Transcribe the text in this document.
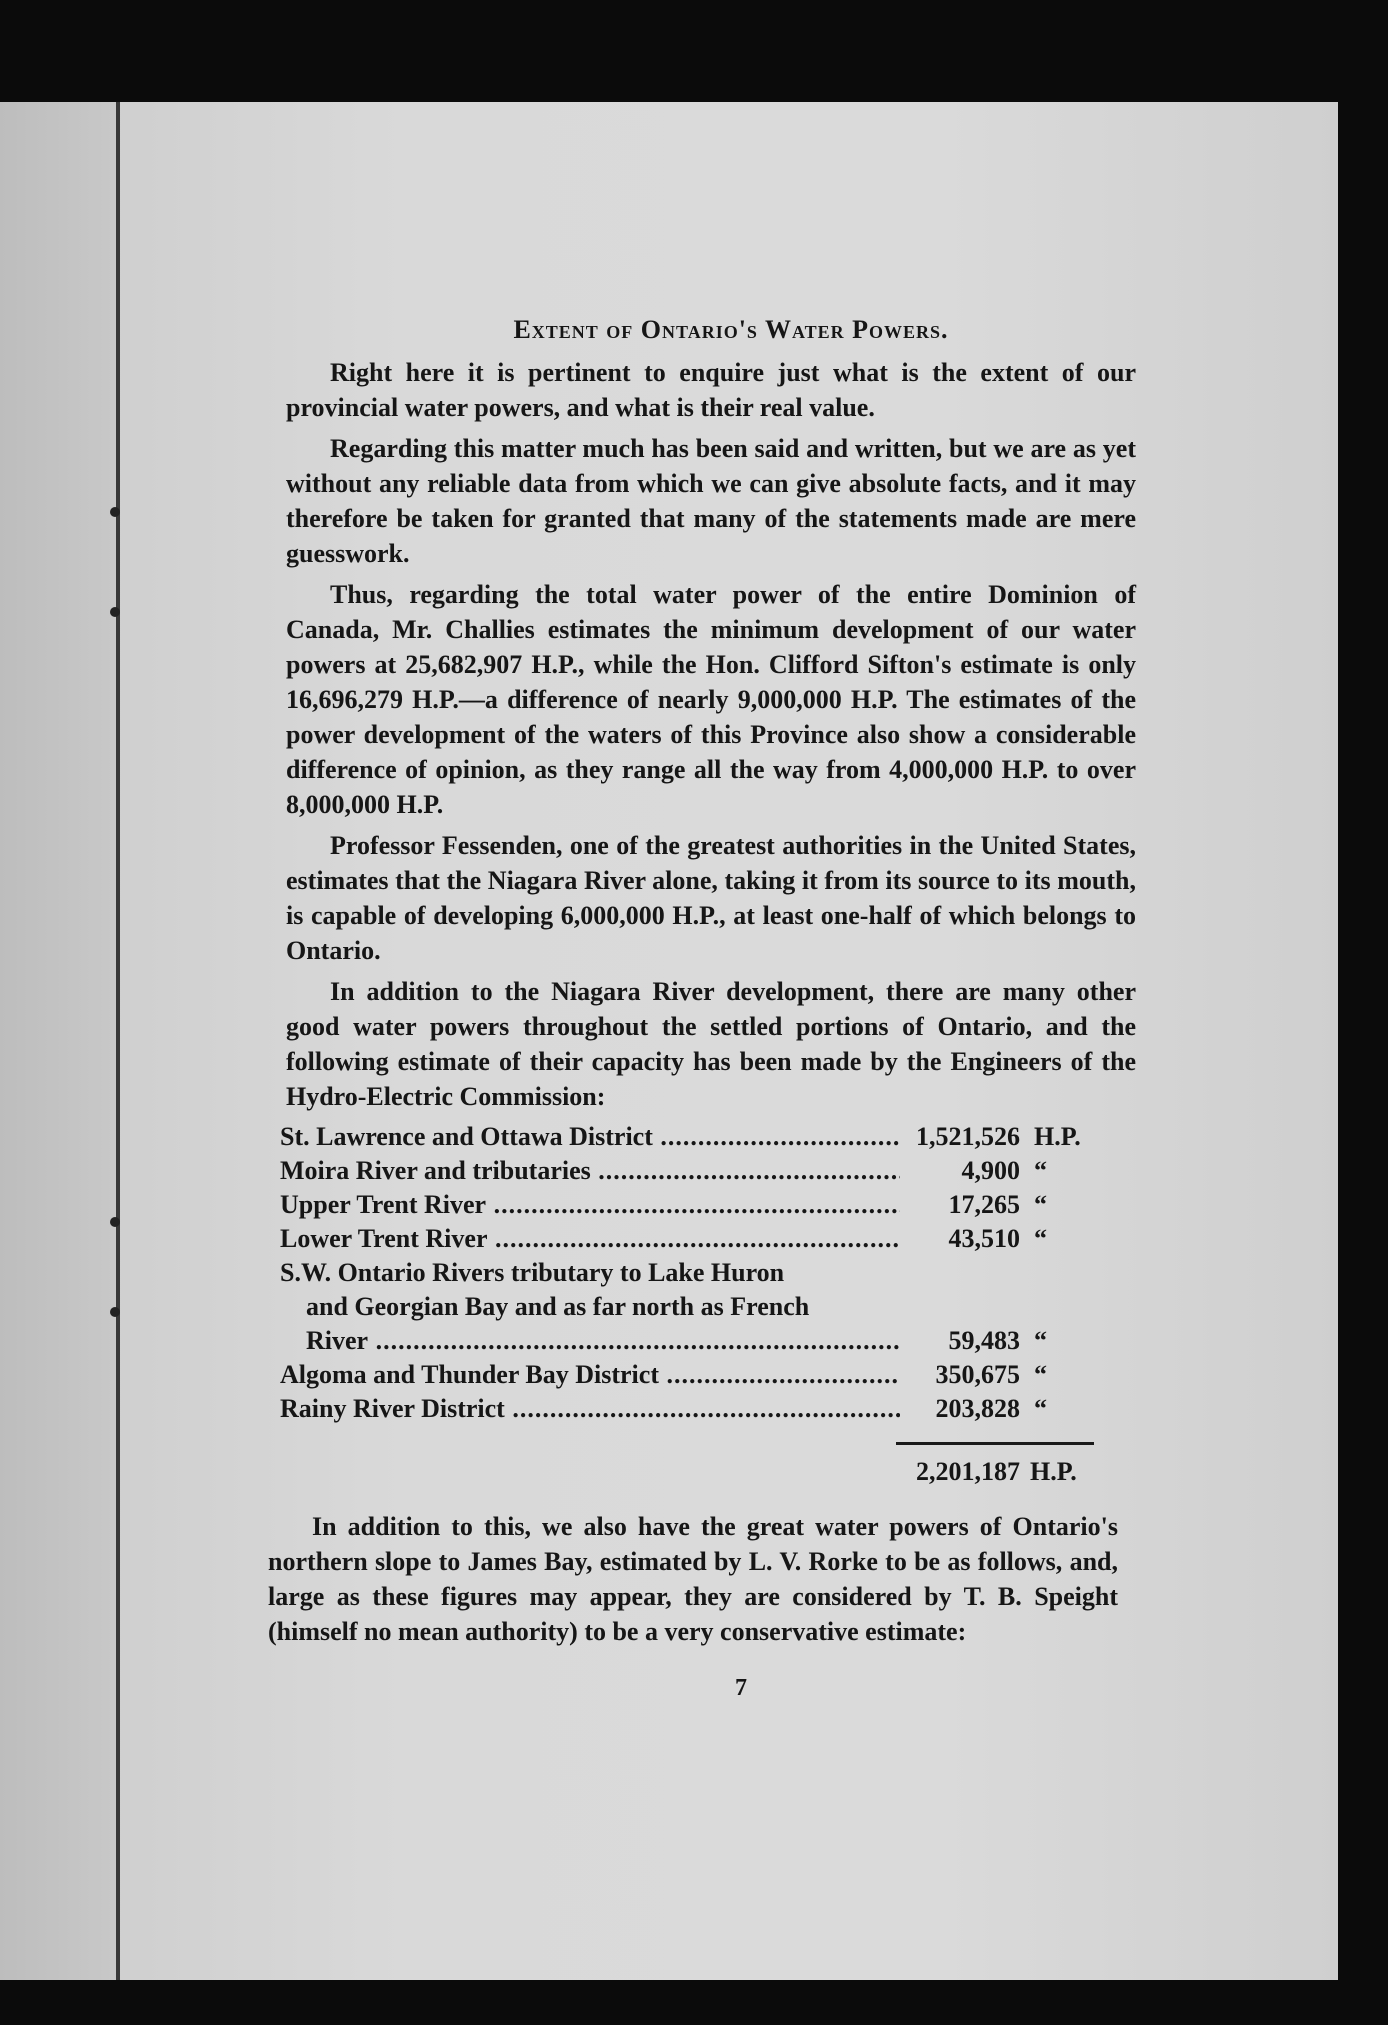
Extent of Ontario's Water Powers.

Right here it is pertinent to enquire just what is the extent of our provincial water powers, and what is their real value.

Regarding this matter much has been said and written, but we are as yet without any reliable data from which we can give absolute facts, and it may therefore be taken for granted that many of the statements made are mere guesswork.

Thus, regarding the total water power of the entire Dominion of Canada, Mr. Challies estimates the minimum development of our water powers at 25,682,907 H.P., while the Hon. Clifford Sifton's estimate is only 16,696,279 H.P.—a difference of nearly 9,000,000 H.P. The estimates of the power development of the waters of this Province also show a considerable difference of opinion, as they range all the way from 4,000,000 H.P. to over 8,000,000 H.P.

Professor Fessenden, one of the greatest authorities in the United States, estimates that the Niagara River alone, taking it from its source to its mouth, is capable of developing 6,000,000 H.P., at least one-half of which belongs to Ontario.

In addition to the Niagara River development, there are many other good water powers throughout the settled portions of Ontario, and the following estimate of their capacity has been made by the Engineers of the Hydro-Electric Commission:

St. Lawrence and Ottawa District .....	1,521,526 H.P.
Moira River and tributaries .....	4,900 “
Upper Trent River .....	17,265 “
Lower Trent River .....	43,510 “
S.W. Ontario Rivers tributary to Lake Huron
and Georgian Bay and as far north as French
River .....	59,483 “
Algoma and Thunder Bay District .....	350,675 “
Rainy River District .....	203,828 “
2,201,187 H.P.

In addition to this, we also have the great water powers of Ontario's northern slope to James Bay, estimated by L. V. Rorke to be as follows, and, large as these figures may appear, they are considered by T. B. Speight (himself no mean authority) to be a very conservative estimate:

7
